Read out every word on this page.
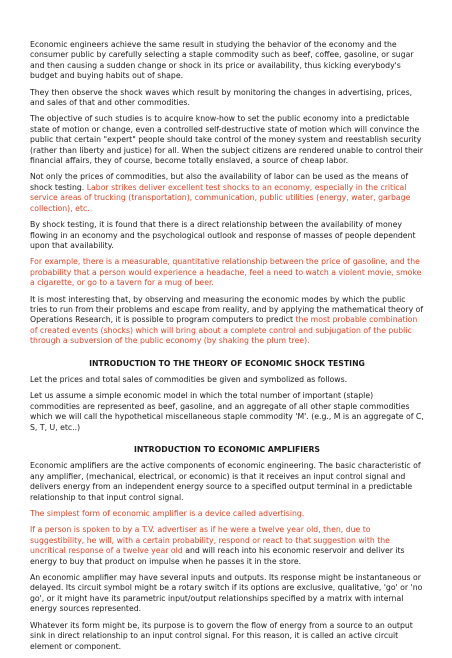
Economic engineers achieve the same result in studying the behavior of the economy and the consumer public by carefully selecting a staple commodity such as beef, coffee, gasoline, or sugar and then causing a sudden change or shock in its price or availability, thus kicking everybody's budget and buying habits out of shape.

They then observe the shock waves which result by monitoring the changes in advertising, prices, and sales of that and other commodities.

The objective of such studies is to acquire know-how to set the public economy into a predictable state of motion or change, even a controlled self-destructive state of motion which will convince the public that certain "expert" people should take control of the money system and reestablish security (rather than liberty and justice) for all. When the subject citizens are rendered unable to control their financial affairs, they of course, become totally enslaved, a source of cheap labor.

Not only the prices of commodities, but also the availability of labor can be used as the means of shock testing. Labor strikes deliver excellent test shocks to an economy, especially in the critical service areas of trucking (transportation), communication, public utilities (energy, water, garbage collection), etc.

By shock testing, it is found that there is a direct relationship between the availability of money flowing in an economy and the psychological outlook and response of masses of people dependent upon that availability.

For example, there is a measurable, quantitative relationship between the price of gasoline, and the probability that a person would experience a headache, feel a need to watch a violent movie, smoke a cigarette, or go to a tavern for a mug of beer.

It is most interesting that, by observing and measuring the economic modes by which the public tries to run from their problems and escape from reality, and by applying the mathematical theory of Operations Research, it is possible to program computers to predict the most probable combination of created events (shocks) which will bring about a complete control and subjugation of the public through a subversion of the public economy (by shaking the plum tree).

INTRODUCTION TO THE THEORY OF ECONOMIC SHOCK TESTING

Let the prices and total sales of commodities be given and symbolized as follows.

Let us assume a simple economic model in which the total number of important (staple) commodities are represented as beef, gasoline, and an aggregate of all other staple commodities which we will call the hypothetical miscellaneous staple commodity 'M'. (e.g., M is an aggregate of C, S, T, U, etc..)

INTRODUCTION TO ECONOMIC AMPLIFIERS

Economic amplifiers are the active components of economic engineering. The basic characteristic of any amplifier, (mechanical, electrical, or economic) is that it receives an input control signal and delivers energy from an independent energy source to a specified output terminal in a predictable relationship to that input control signal.

The simplest form of economic amplifier is a device called advertising.

If a person is spoken to by a T.V. advertiser as if he were a twelve year old, then, due to suggestibility, he will, with a certain probability, respond or react to that suggestion with the uncritical response of a twelve year old and will reach into his economic reservoir and deliver its energy to buy that product on impulse when he passes it in the store.

An economic amplifier may have several inputs and outputs. Its response might be instantaneous or delayed. Its circuit symbol might be a rotary switch if its options are exclusive, qualitative, 'go' or 'no go', or it might have its parametric input/output relationships specified by a matrix with internal energy sources represented.

Whatever its form might be, its purpose is to govern the flow of energy from a source to an output sink in direct relationship to an input control signal. For this reason, it is called an active circuit element or component.
